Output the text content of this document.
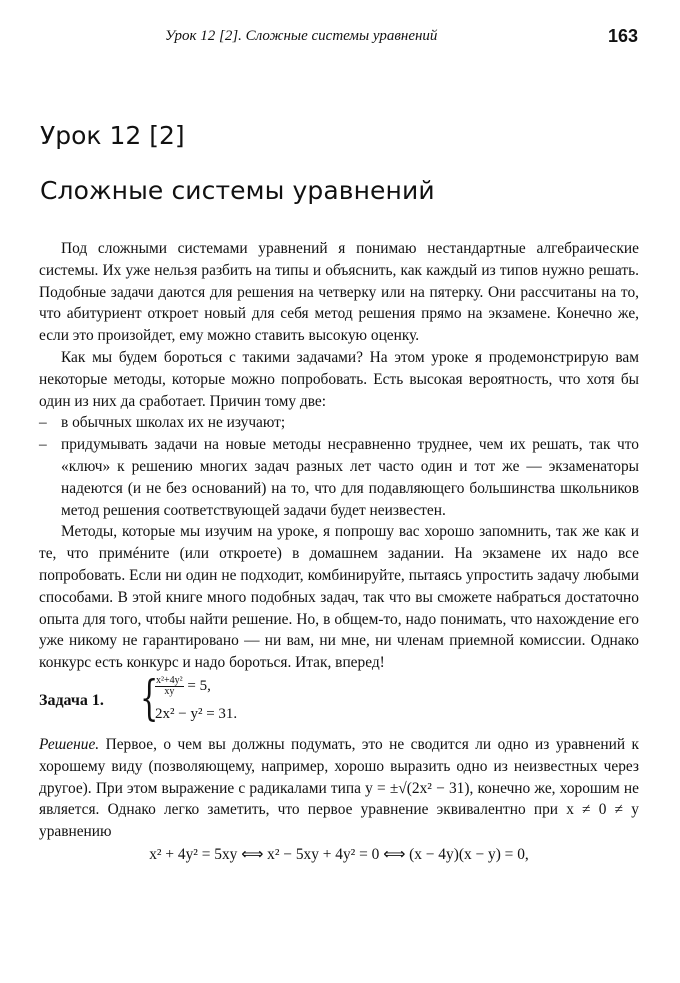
Урок 12 [2]. Сложные системы уравнений	163
Урок 12 [2]
Сложные системы уравнений

Под сложными системами уравнений я понимаю нестандартные алгебраические системы. Их уже нельзя разбить на типы и объяснить, как каждый из типов нужно решать. Подобные задачи даются для решения на четверку или на пятерку. Они рассчитаны на то, что абитуриент откроет новый для себя метод решения прямо на экзамене. Конечно же, если это произойдет, ему можно ставить высокую оценку.

Как мы будем бороться с такими задачами? На этом уроке я продемонстрирую вам некоторые методы, которые можно попробовать. Есть высокая вероятность, что хотя бы один из них да сработает. Причин тому две:

– в обычных школах их не изучают;
– придумывать задачи на новые методы несравненно труднее, чем их решать, так что «ключ» к решению многих задач разных лет часто один и тот же — экзаменаторы надеются (и не без оснований) на то, что для подавляющего большинства школьников метод решения соответствующей задачи будет неизвестен.

Методы, которые мы изучим на уроке, я попрошу вас хорошо запомнить, так же как и те, что примéните (или откроете) в домашнем задании. На экзамене их надо все попробовать. Если ни один не подходит, комбинируйте, пытаясь упростить задачу любыми способами. В этой книге много подобных задач, так что вы сможете набраться достаточно опыта для того, чтобы найти решение. Но, в общем-то, надо понимать, что нахождение его уже никому не гарантировано — ни вам, ни мне, ни членам приемной комиссии. Однако конкурс есть конкурс и надо бороться. Итак, вперед!

Задача 1. {
$\frac{\text{x²+4y²}}{xy} = 5$,
2x² − y² = 31.

Решение. Первое, о чем вы должны подумать, это не сводится ли одно из уравнений к хорошему виду (позволяющему, например, хорошо выразить одно из неизвестных через другое). При этом выражение с радикалами типа y = ±√(2x² − 31), конечно же, хорошим не является. Однако легко заметить, что первое уравнение эквивалентно при x ≠ 0 ≠ y уравнению

x² + 4y² = 5xy ⟺ x² − 5xy + 4y² = 0 ⟺ (x − 4y)(x − y) = 0,
